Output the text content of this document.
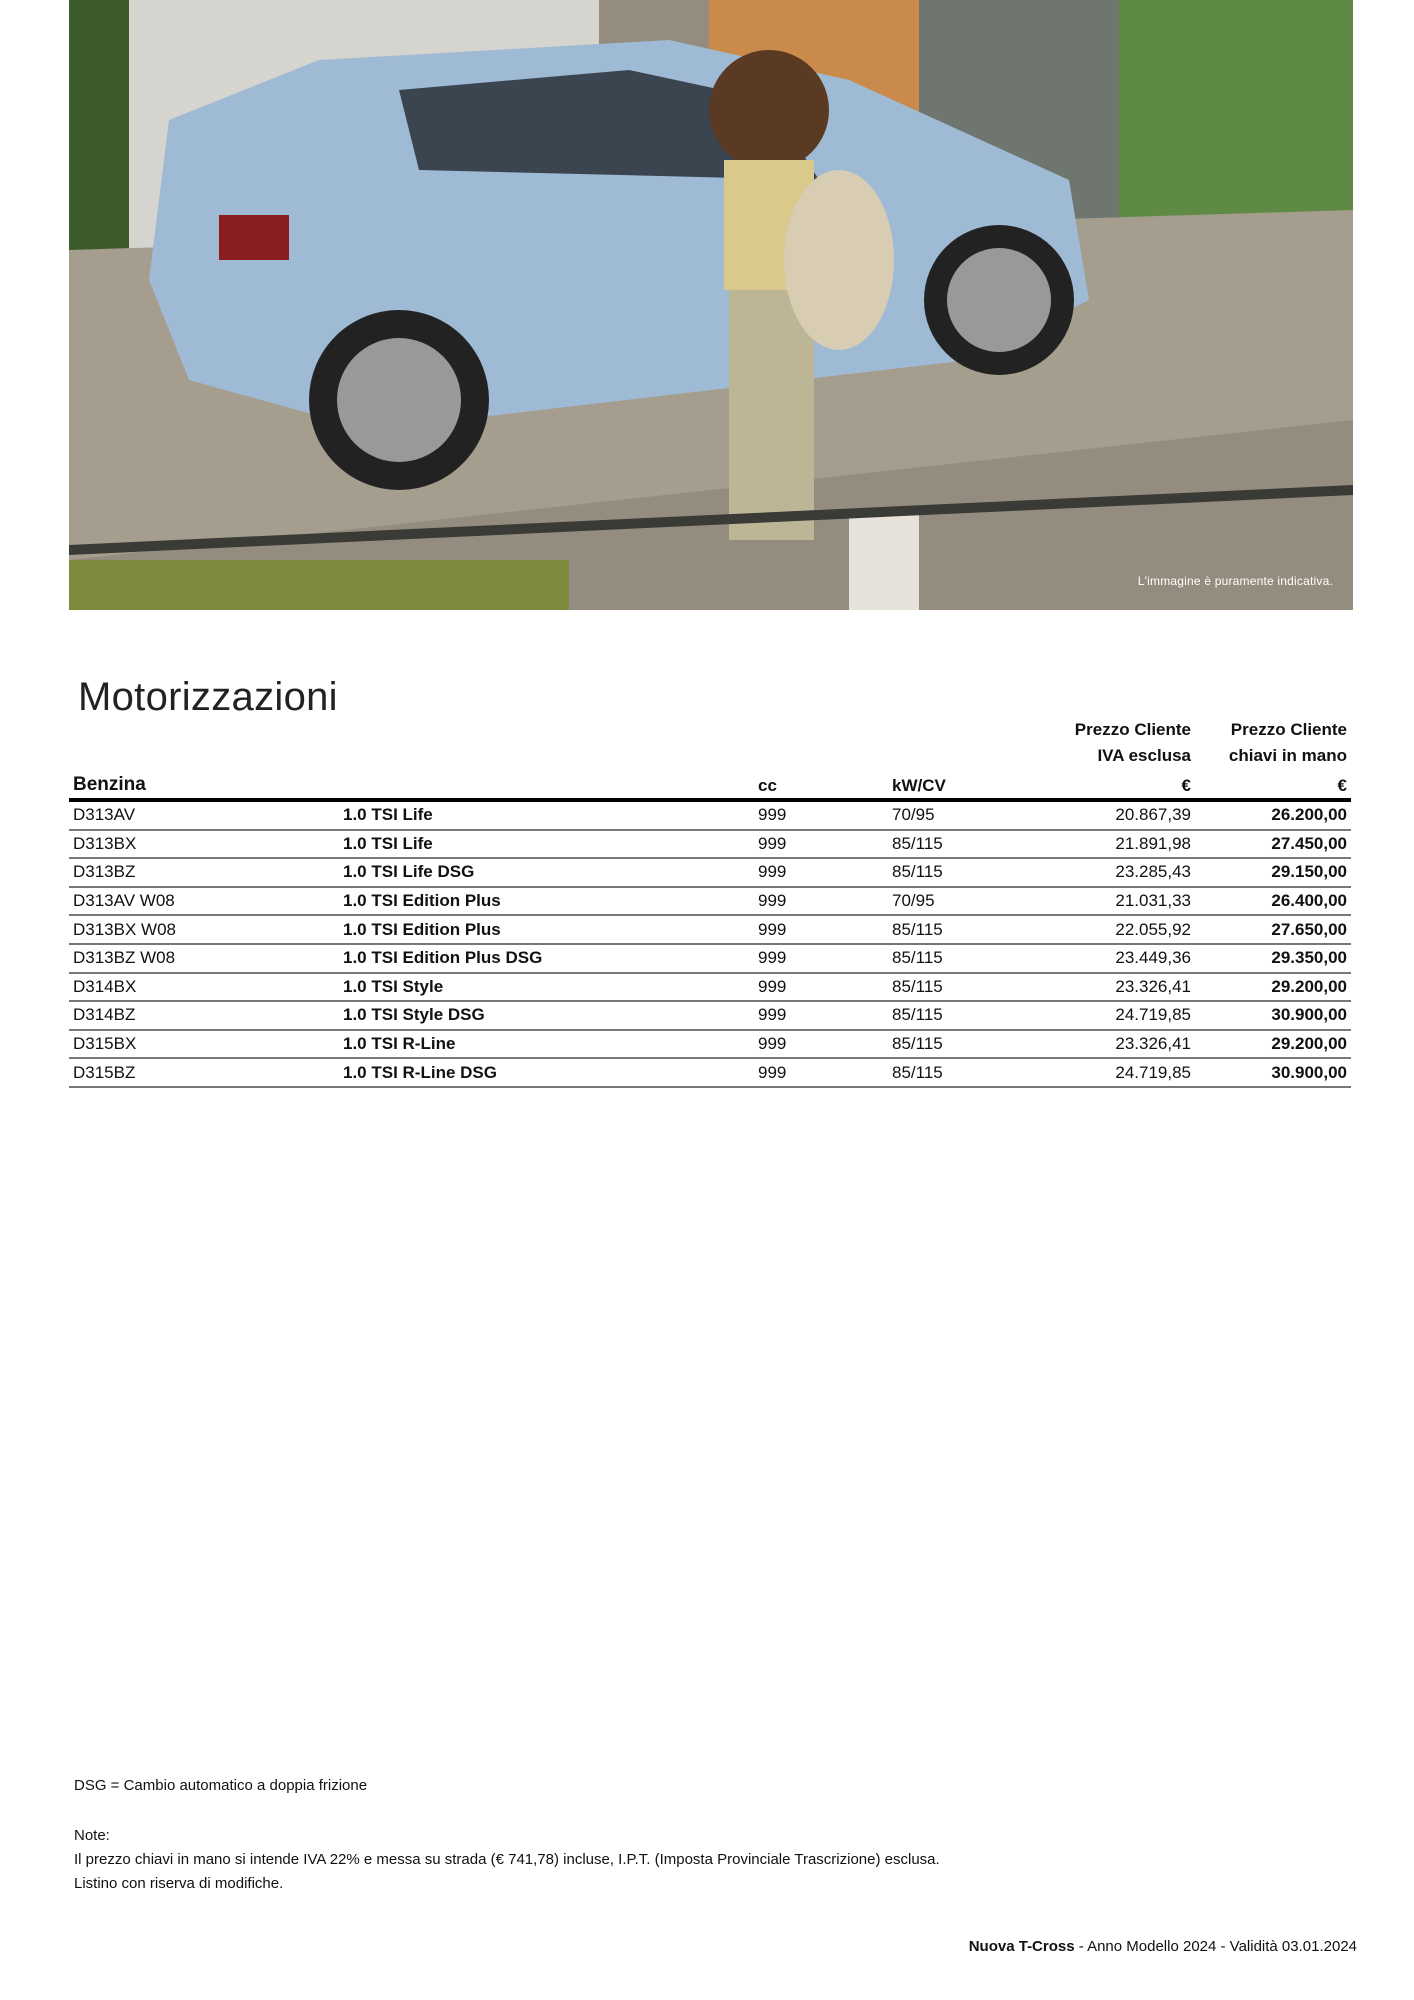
L'immagine è puramente indicativa.
Motorizzazioni
				Prezzo Cliente	Prezzo Cliente
				IVA esclusa	chiavi in mano
Benzina		cc	kW/CV	€	€
D313AV	1.0 TSI Life	999	70/95	20.867,39	26.200,00
D313BX	1.0 TSI Life	999	85/115	21.891,98	27.450,00
D313BZ	1.0 TSI Life DSG	999	85/115	23.285,43	29.150,00
D313AV W08	1.0 TSI Edition Plus	999	70/95	21.031,33	26.400,00
D313BX W08	1.0 TSI Edition Plus	999	85/115	22.055,92	27.650,00
D313BZ W08	1.0 TSI Edition Plus DSG	999	85/115	23.449,36	29.350,00
D314BX	1.0 TSI Style	999	85/115	23.326,41	29.200,00
D314BZ	1.0 TSI Style DSG	999	85/115	24.719,85	30.900,00
D315BX	1.0 TSI R-Line	999	85/115	23.326,41	29.200,00
D315BZ	1.0 TSI R-Line DSG	999	85/115	24.719,85	30.900,00
DSG = Cambio automatico a doppia frizione
Note:
Il prezzo chiavi in mano si intende IVA 22% e messa su strada (€ 741,78) incluse, I.P.T. (Imposta Provinciale Trascrizione) esclusa.
Listino con riserva di modifiche.
Nuova T-Cross - Anno Modello 2024 - Validità 03.01.2024
